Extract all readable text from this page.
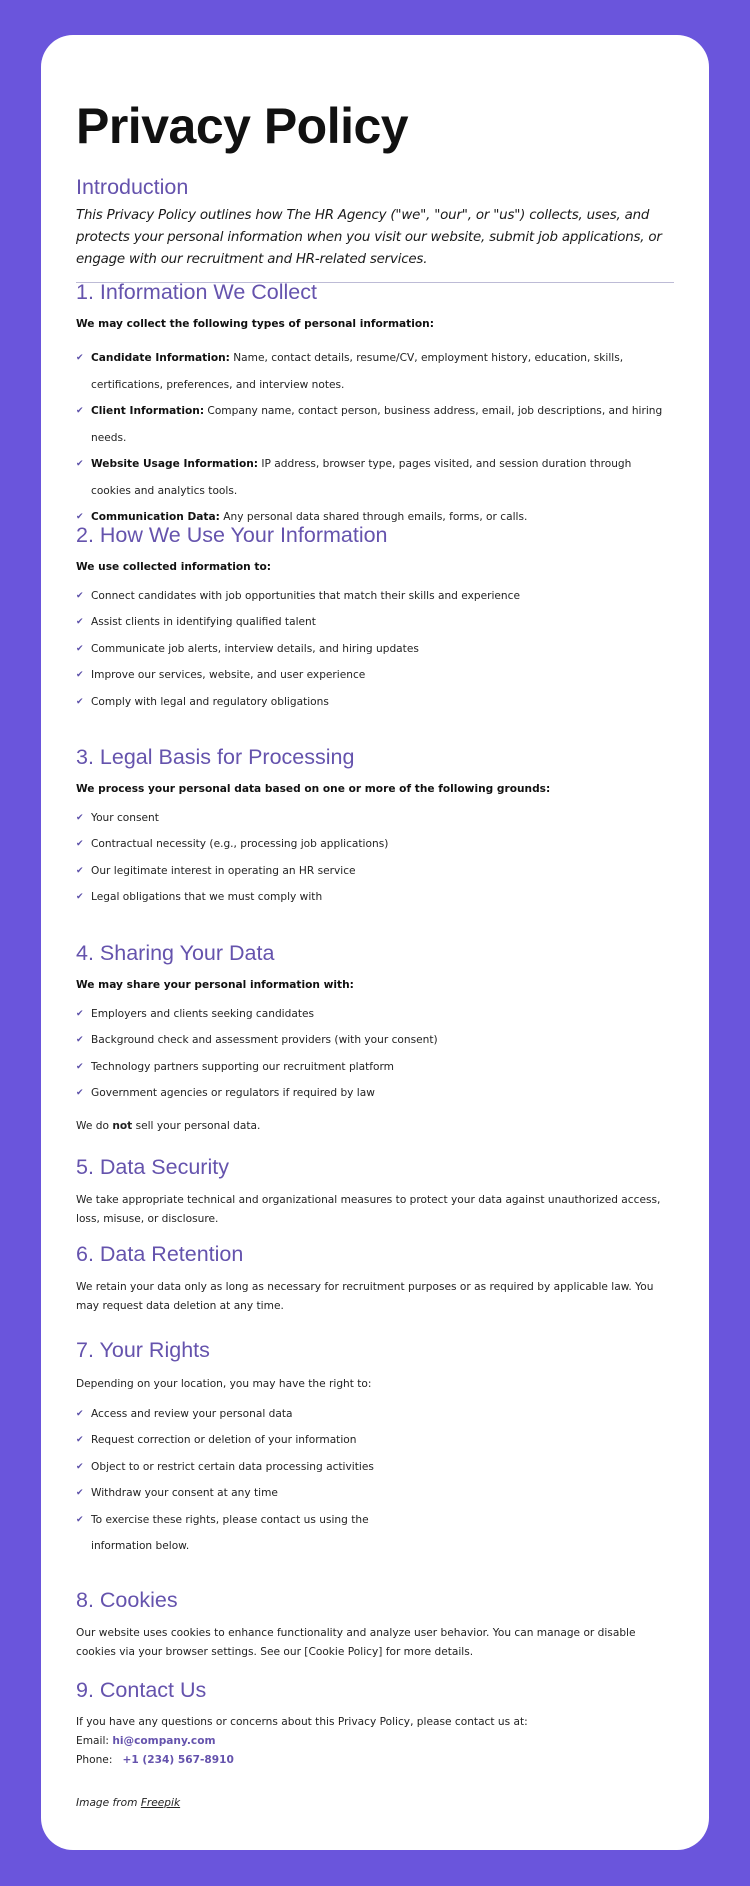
Privacy Policy
Introduction

This Privacy Policy outlines how The HR Agency ("we", "our", or "us") collects, uses, and protects your personal information when you visit our website, submit job applications, or engage with our recruitment and HR-related services.

1. Information We Collect

We may collect the following types of personal information:

✔ Candidate Information: Name, contact details, resume/CV, employment history, education, skills, certifications, preferences, and interview notes.
✔ Client Information: Company name, contact person, business address, email, job descriptions, and hiring needs.
✔ Website Usage Information: IP address, browser type, pages visited, and session duration through cookies and analytics tools.
✔ Communication Data: Any personal data shared through emails, forms, or calls.
2. How We Use Your Information

We use collected information to:

✔ Connect candidates with job opportunities that match their skills and experience
✔ Assist clients in identifying qualified talent
✔ Communicate job alerts, interview details, and hiring updates
✔ Improve our services, website, and user experience
✔ Comply with legal and regulatory obligations
3. Legal Basis for Processing

We process your personal data based on one or more of the following grounds:

✔ Your consent
✔ Contractual necessity (e.g., processing job applications)
✔ Our legitimate interest in operating an HR service
✔ Legal obligations that we must comply with
4. Sharing Your Data

We may share your personal information with:

✔ Employers and clients seeking candidates
✔ Background check and assessment providers (with your consent)
✔ Technology partners supporting our recruitment platform
✔ Government agencies or regulators if required by law

We do not sell your personal data.

5. Data Security

We take appropriate technical and organizational measures to protect your data against unauthorized access, loss, misuse, or disclosure.

6. Data Retention

We retain your data only as long as necessary for recruitment purposes or as required by applicable law. You may request data deletion at any time.

7. Your Rights

Depending on your location, you may have the right to:

✔ Access and review your personal data
✔ Request correction or deletion of your information
✔ Object to or restrict certain data processing activities
✔ Withdraw your consent at any time
✔ To exercise these rights, please contact us using the information below.
8. Cookies

Our website uses cookies to enhance functionality and analyze user behavior. You can manage or disable cookies via your browser settings. See our [Cookie Policy] for more details.

9. Contact Us

If you have any questions or concerns about this Privacy Policy, please contact us at:

Email: hi@company.com

Phone: +1 (234) 567-8910

Image from Freepik
